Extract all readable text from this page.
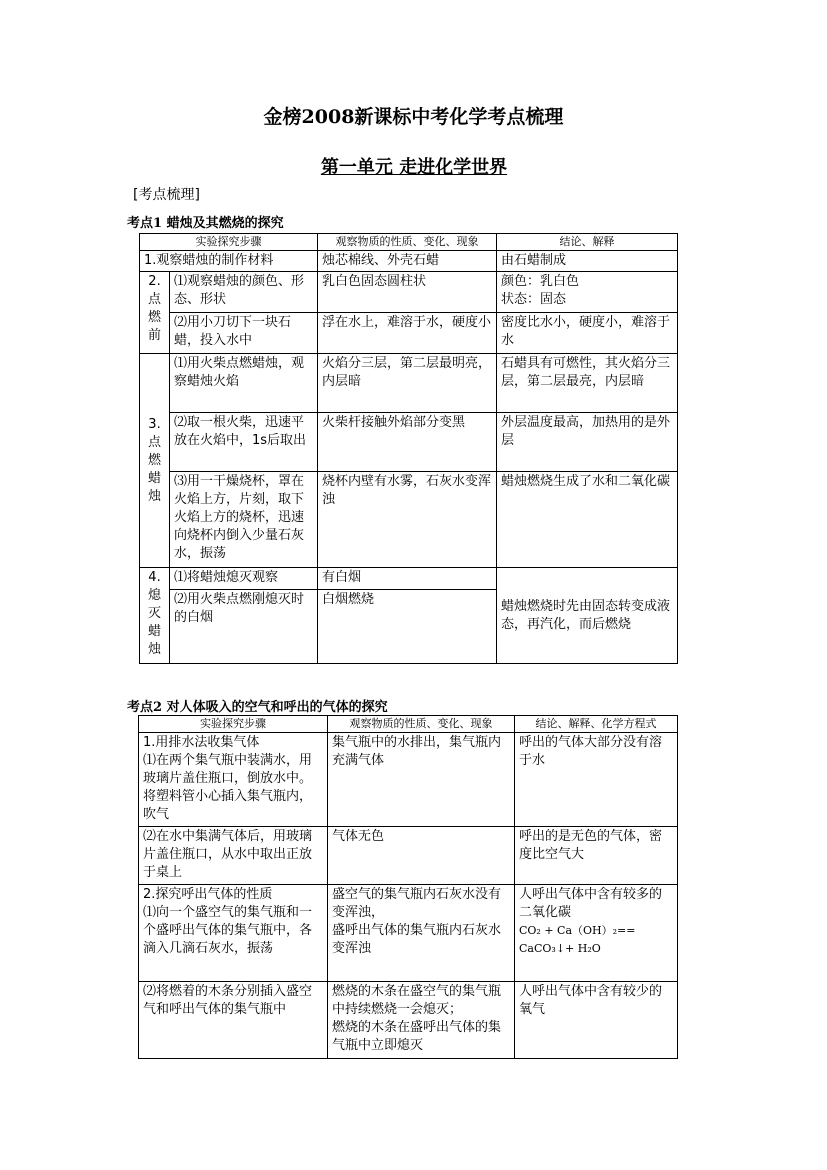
金榜2008新课标中考化学考点梳理
第一单元 走进化学世界
[考点梳理]
考点1 蜡烛及其燃烧的探究
实验探究步骤		观察物质的性质、变化、现象	结论、解释
1.观察蜡烛的制作材料		烛芯棉线、外壳石蜡	由石蜡制成
2.点燃前	⑴观察蜡烛的颜色、形态、形状	乳白色固态圆柱状	颜色：乳白色
状态：固态

	⑵用小刀切下一块石蜡，投入水中	浮在水上，难溶于水，硬度小	密度比水小，硬度小，难溶于水
3.点燃蜡烛	⑴用火柴点燃蜡烛，观察蜡烛火焰	火焰分三层，第二层最明亮，内层暗	石蜡具有可燃性，其火焰分三层，第二层最亮，内层暗
	⑵取一根火柴，迅速平放在火焰中，1s后取出	火柴杆接触外焰部分变黑	外层温度最高，加热用的是外层
	⑶用一干燥烧杯，罩在火焰上方，片刻，取下火焰上方的烧杯，迅速向烧杯内倒入少量石灰水，振荡	烧杯内壁有水雾，石灰水变浑浊	蜡烛燃烧生成了水和二氧化碳
4.熄灭蜡烛	⑴将蜡烛熄灭观察	有白烟	蜡烛燃烧时先由固态转变成液态，再汽化，而后燃烧
	⑵用火柴点燃刚熄灭时的白烟	白烟燃烧	
考点2 对人体吸入的空气和呼出的气体的探究
实验探究步骤	观察物质的性质、变化、现象	结论、解释、化学方程式

1.用排水法收集气体
⑴在两个集气瓶中装满水，用玻璃片盖住瓶口，倒放水中。将塑料管小心插入集气瓶内，吹气	集气瓶中的水排出，集气瓶内充满气体	呼出的气体大部分没有溶于水
⑵在水中集满气体后，用玻璃片盖住瓶口，从水中取出正放于桌上	气体无色	呼出的是无色的气体，密度比空气大

2.探究呼出气体的性质
⑴向一个盛空气的集气瓶和一个盛呼出气体的集气瓶中，各滴入几滴石灰水，振荡	盛空气的集气瓶内石灰水没有变浑浊，
盛呼出气体的集气瓶内石灰水变浑浊	人呼出气体中含有较多的二氧化碳
CO₂ + Ca（OH）₂==
CaCO₃↓+ H₂O

⑵将燃着的木条分别插入盛空气和呼出气体的集气瓶中	燃烧的木条在盛空气的集气瓶中持续燃烧一会熄灭；
燃烧的木条在盛呼出气体的集气瓶中立即熄灭	人呼出气体中含有较少的氧气
